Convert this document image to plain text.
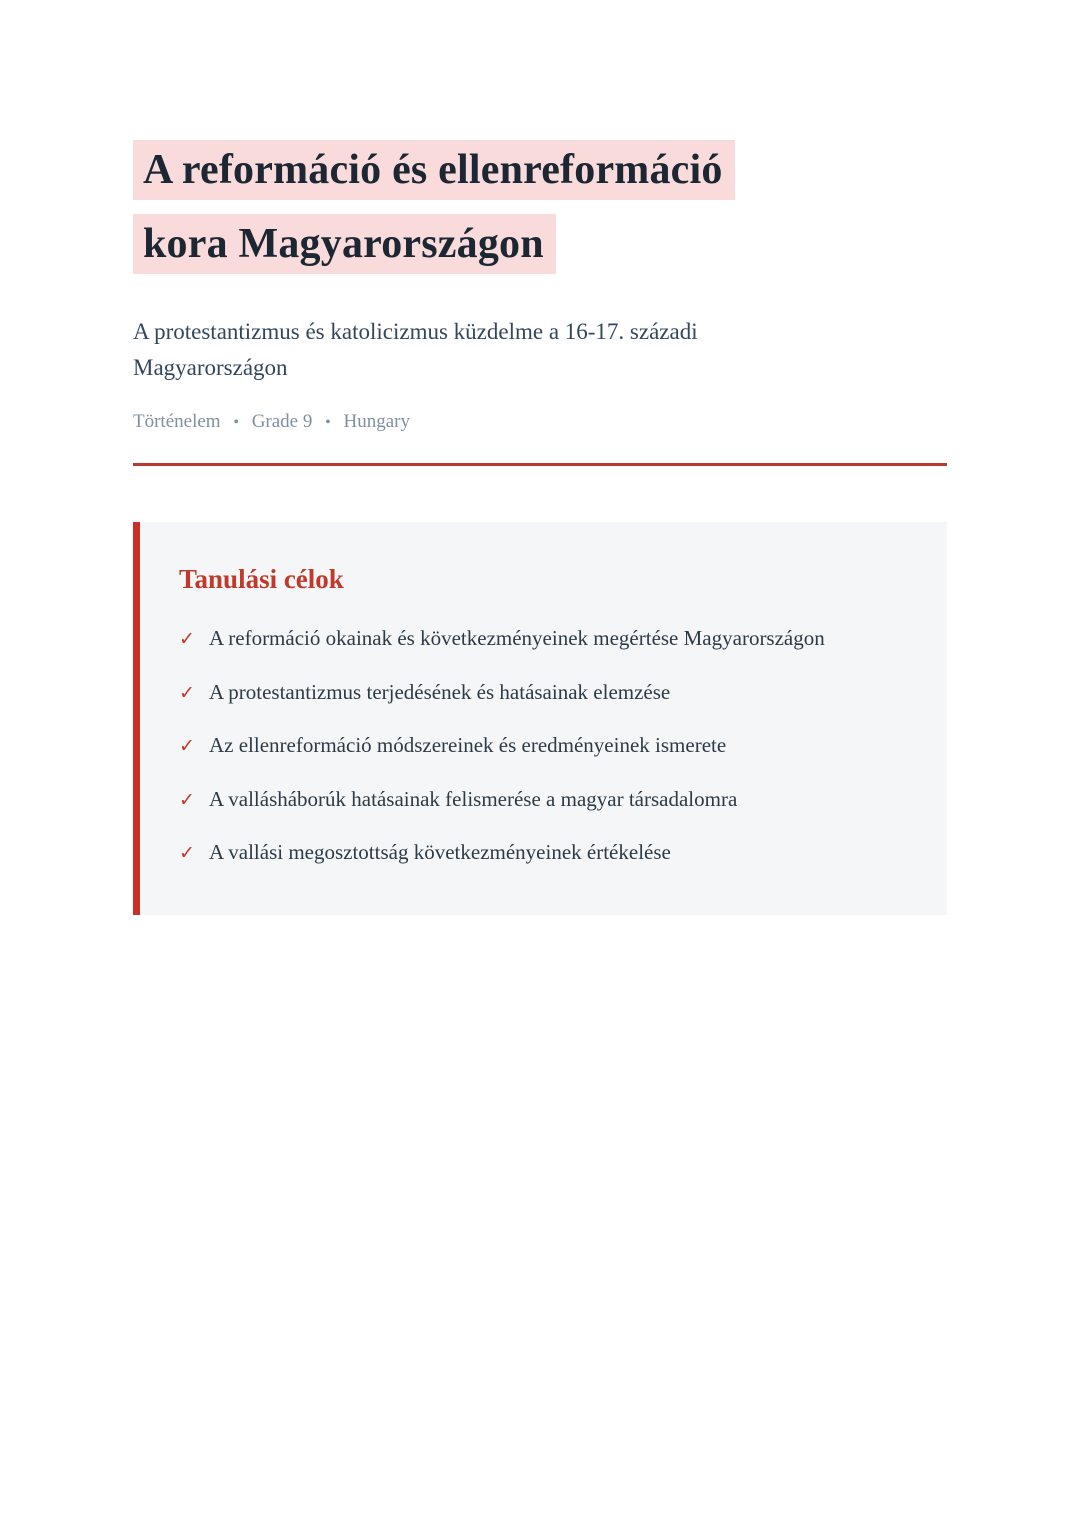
A reformáció és ellenreformáció
kora Magyarországon

A protestantizmus és katolicizmus küzdelme a 16-17. századi Magyarországon

Történelem • Grade 9 • Hungary

Tanulási célok
✓ A reformáció okainak és következményeinek megértése Magyarországon
✓ A protestantizmus terjedésének és hatásainak elemzése
✓ Az ellenreformáció módszereinek és eredményeinek ismerete
✓ A vallásháborúk hatásainak felismerése a magyar társadalomra
✓ A vallási megosztottság következményeinek értékelése
